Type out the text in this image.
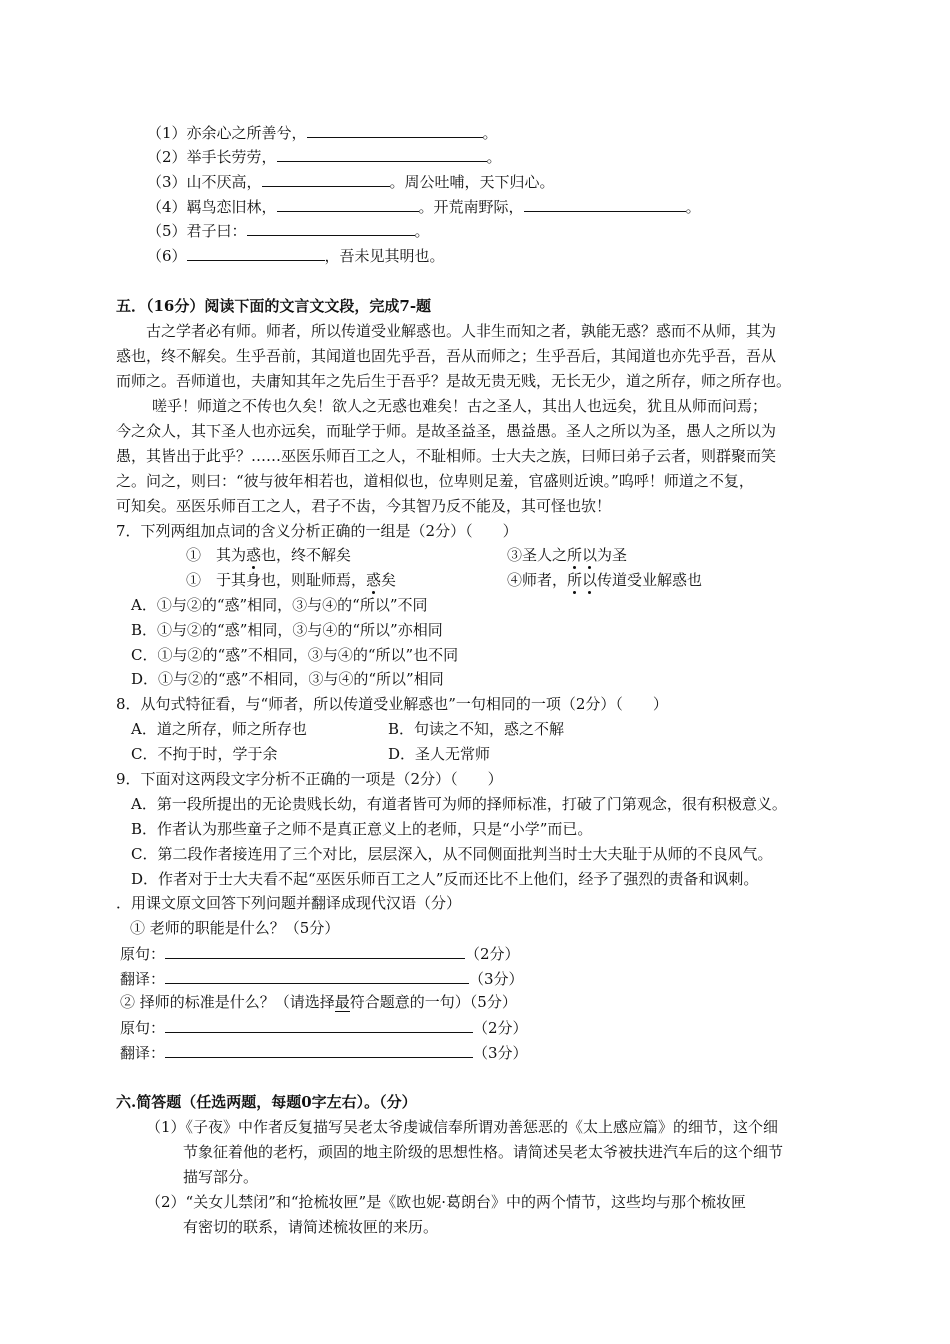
（1）亦余心之所善兮，	。
（2）举手长劳劳，	。
（3）山不厌高，	。周公吐哺，天下归心。
（4）羁鸟恋旧林，	。开荒南野际，	。
（5）君子曰：	。
（6）	，吾未见其明也。
五．（16分）阅读下面的文言文文段，完成7-题
古之学者必有师。师者，所以传道受业解惑也。人非生而知之者，孰能无惑？惑而不从师，其为
惑也，终不解矣。生乎吾前，其闻道也固先乎吾，吾从而师之；生乎吾后，其闻道也亦先乎吾，吾从
而师之。吾师道也，夫庸知其年之先后生于吾乎？是故无贵无贱，无长无少，道之所存，师之所存也。
嗟乎！师道之不传也久矣！欲人之无惑也难矣！古之圣人，其出人也远矣，犹且从师而问焉；
今之众人，其下圣人也亦远矣，而耻学于师。是故圣益圣，愚益愚。圣人之所以为圣，愚人之所以为
愚，其皆出于此乎？……巫医乐师百工之人，不耻相师。士大夫之族，曰师曰弟子云者，则群聚而笑
之。问之，则曰：“彼与彼年相若也，道相似也，位卑则足羞，官盛则近谀。”呜呼！师道之不复，
可知矣。巫医乐师百工之人，君子不齿，今其智乃反不能及，其可怪也欤！
7．下列两组加点词的含义分析正确的一组是（2分）（　　）
①　其为惑也，终不解矣	③圣人之所以为圣
①　于其身也，则耻师焉，惑矣	④师者，所以传道受业解惑也
A．①与②的“惑”相同，③与④的“所以”不同
B．①与②的“惑”相同，③与④的“所以”亦相同
C．①与②的“惑”不相同，③与④的“所以”也不同
D．①与②的“惑”不相同，③与④的“所以”相同
8．从句式特征看，与“师者，所以传道受业解惑也”一句相同的一项（2分）（　　）
A．道之所存，师之所存也	B．句读之不知，惑之不解
C．不拘于时，学于余	D．圣人无常师
9．下面对这两段文字分析不正确的一项是（2分）（　　）
A．第一段所提出的无论贵贱长幼，有道者皆可为师的择师标准，打破了门第观念，很有积极意义。
B．作者认为那些童子之师不是真正意义上的老师，只是“小学”而已。
C．第二段作者接连用了三个对比，层层深入，从不同侧面批判当时士大夫耻于从师的不良风气。
D．作者对于士大夫看不起“巫医乐师百工之人”反而还比不上他们，经予了强烈的责备和讽刺。
．用课文原文回答下列问题并翻译成现代汉语（分）
① 老师的职能是什么？（5分）
原句：	（2分）
翻译：	（3分）
② 择师的标准是什么？（请选择最符合题意的一句）（5分）
原句：	（2分）
翻译：	（3分）
六.简答题（任选两题，每题0字左右）。（分）
（1）《子夜》中作者反复描写吴老太爷虔诚信奉所谓劝善惩恶的《太上感应篇》的细节，这个细
节象征着他的老朽，顽固的地主阶级的思想性格。请简述吴老太爷被扶进汽车后的这个细节
描写部分。
（2）“关女儿禁闭”和“抢梳妆匣”是《欧也妮·葛朗台》中的两个情节，这些均与那个梳妆匣
有密切的联系，请简述梳妆匣的来历。
